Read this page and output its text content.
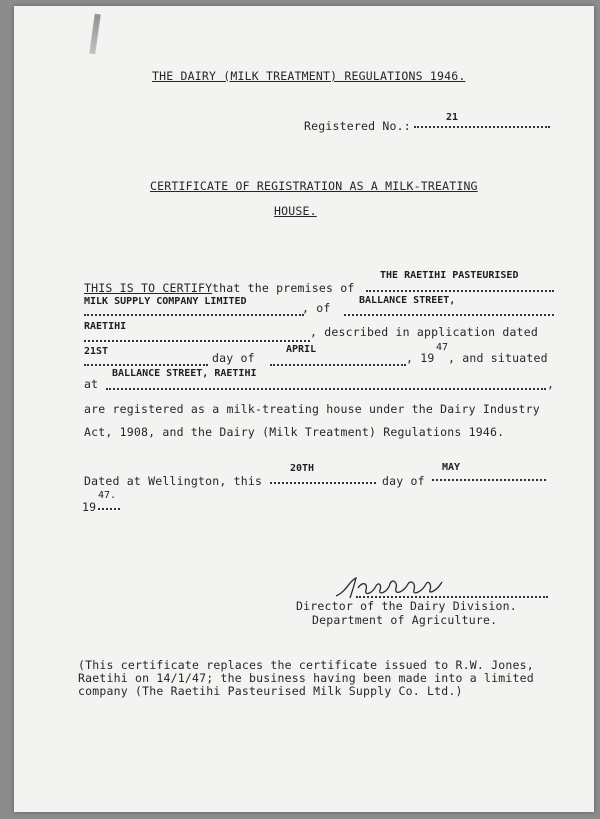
THE DAIRY (MILK TREATMENT) REGULATIONS 1946.
Registered No.:
21
CERTIFICATE OF REGISTRATION AS A MILK-TREATING
HOUSE.
THIS IS TO CERTIFY that the premises of
THE RAETIHI PASTEURISED
MILK SUPPLY COMPANY LIMITED	, of
BALLANCE STREET,
RAETIHI	, described in application dated
21ST	day of
APRIL
, 19
47
, and situated
at
BALLANCE STREET, RAETIHI
,
are registered as a milk-treating house under the Dairy Industry
Act, 1908, and the Dairy (Milk Treatment) Regulations 1946.
Dated at Wellington, this
20TH
day of
MAY
19
47.
Director of the Dairy Division.
Department of Agriculture.
(This certificate replaces the certificate issued to R.W. Jones,
Raetihi on 14/1/47; the business having been made into a limited
company (The Raetihi Pasteurised Milk Supply Co. Ltd.)
